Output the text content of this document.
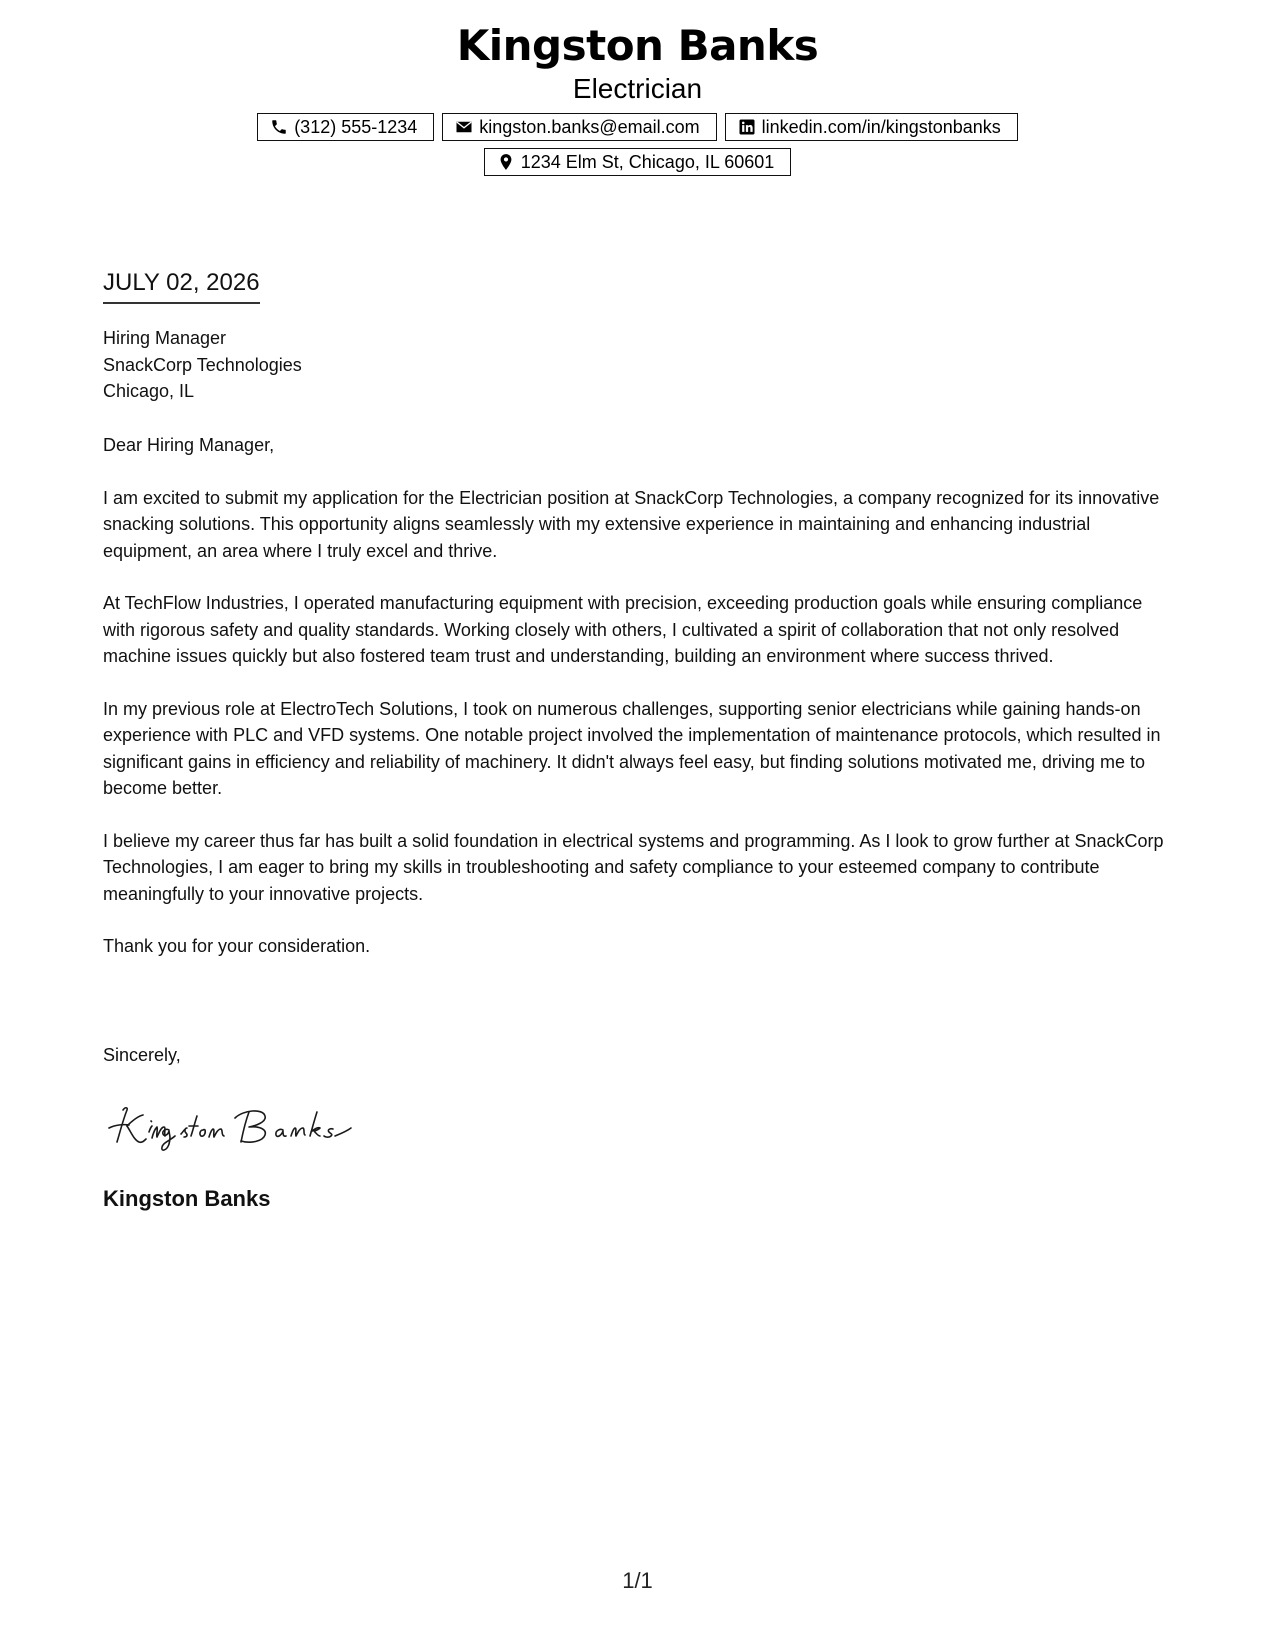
Kingston Banks
Electrician
(312) 555-1234	kingston.banks@email.com	linkedin.com/in/kingstonbanks
1234 Elm St, Chicago, IL 60601
JULY 02, 2026
Hiring Manager
SnackCorp Technologies
Chicago, IL

Dear Hiring Manager,

I am excited to submit my application for the Electrician position at SnackCorp Technologies, a company recognized for its innovative snacking solutions. This opportunity aligns seamlessly with my extensive experience in maintaining and enhancing industrial equipment, an area where I truly excel and thrive.

At TechFlow Industries, I operated manufacturing equipment with precision, exceeding production goals while ensuring compliance with rigorous safety and quality standards. Working closely with others, I cultivated a spirit of collaboration that not only resolved machine issues quickly but also fostered team trust and understanding, building an environment where success thrived.

In my previous role at ElectroTech Solutions, I took on numerous challenges, supporting senior electricians while gaining hands-on experience with PLC and VFD systems. One notable project involved the implementation of maintenance protocols, which resulted in significant gains in efficiency and reliability of machinery. It didn't always feel easy, but finding solutions motivated me, driving me to become better.

I believe my career thus far has built a solid foundation in electrical systems and programming. As I look to grow further at SnackCorp Technologies, I am eager to bring my skills in troubleshooting and safety compliance to your esteemed company to contribute meaningfully to your innovative projects.

Thank you for your consideration.

Sincerely,
Kingston Banks
1/1
